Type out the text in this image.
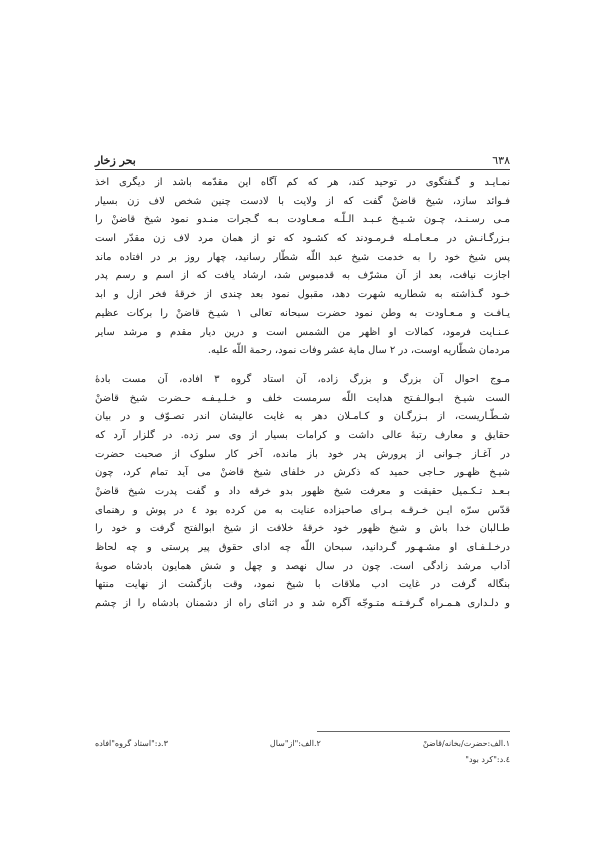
بحر زخار	٦٣٨
نمـایـد و گـفتگوی در توحید کند، هر که کم آگاه این مقدّمه باشد از دیگری اخذ
فـوائد سازد، شیخ قاضنْ گفت که از ولایت با لادست چنین شخص لاف زن بسیار
مـی رسـنـد، چـون شـیـخ عـبـد الـلّـه مـعـاودت بـه گـجرات منـدو نمود شیخ قاضنْ را
بـزرگـانـش در مـعـامـله فـرمـودند که کشـود که تو از همان مرد لاف زن مقدّر است
پس شیخ خود را به خدمت شیخ عبد اللّه شطّار رسانید، چهار روز بر در افتاده ماند
اجازت نیافت، بعد از آن مشرّف به قدمبوس شد، ارشاد یافت که از اسم و رسم پدر
خـود گـذاشته به شطاریه شهرت دهد، مقبول نمود بعد چندی از خرقهٔ فخر ازل و ابد
یـافـت و مـعـاودت به وطن نمود حضرت سبحانه تعالی ١ شیـخ قاضنْ را برکات عظیم
عـنـایت فرمود، کمالات او اظهر من الشمس است و درین دیار مقدم و مرشد سایر
مردمان شطّاریه اوست، در ٢ سال مایة عشر وفات نمود، رحمة اللّه علیه.
مـوج احوال آن بزرگ و بزرگ زاده، آن استاد گروه ٣ افاده، آن مست بادهٔ
الست شیـخ ابـوالـفـتح هدایت اللّه سرمست خلف و خـلـیـفـه حـضرت شیخ قاضنْ
شـطّـاریست، از بـزرگـان و کـامـلان دهر به غایت عالیشان اندر تصـوّف و در بیان
حقایق و معارف رتبهٔ عالی داشت و کرامات بسیار از وی سر زده. در گلزار آرد که
در آغـاز جـوانی از پرورش پدر خود باز مانده، آخر کار سلوک از صحبت حضرت
شیـخ ظهـور حـاجی حمید که ذکرش در خلفای شیخ قاضنْ می آید تمام کرد، چون
بـعـد تـکـمیل حقیقت و معرفت شیخ ظهور بدو خرقه داد و گفت پدرت شیخ قاضنْ
قدّس سرّه ایـن خـرقـه بـرای صاحبزاده عنایت به من کرده بود ٤ در پوش و رهنمای
طـالبان خدا باش و شیخ ظهور خود خرقهٔ خلافت از شیخ ابوالفتح گرفت و خود را
درخـلـفـای او مشـهـور گـردانید، سبحان اللّه چه ادای حقوق پیر پرستی و چه لحاظ
آداب مرشد زادگی است. چون در سال نهصد و چهل و شش همایون بادشاه صوبهٔ
بنگاله گرفت در غایت ادب ملاقات با شیخ نمود، وقت بازگشت از نهایت منتها
و دلـداری هـمـراه گـرفـتـه متـوجّه آگره شد و در اثنای راه از دشمنان بادشاه را از چشم
١.الف:حضرت/بخانه/قاضنْ
٢.الف:"از"سال
٣.د:"استاد گروه"افاده
٤.د:"کرد بود"
